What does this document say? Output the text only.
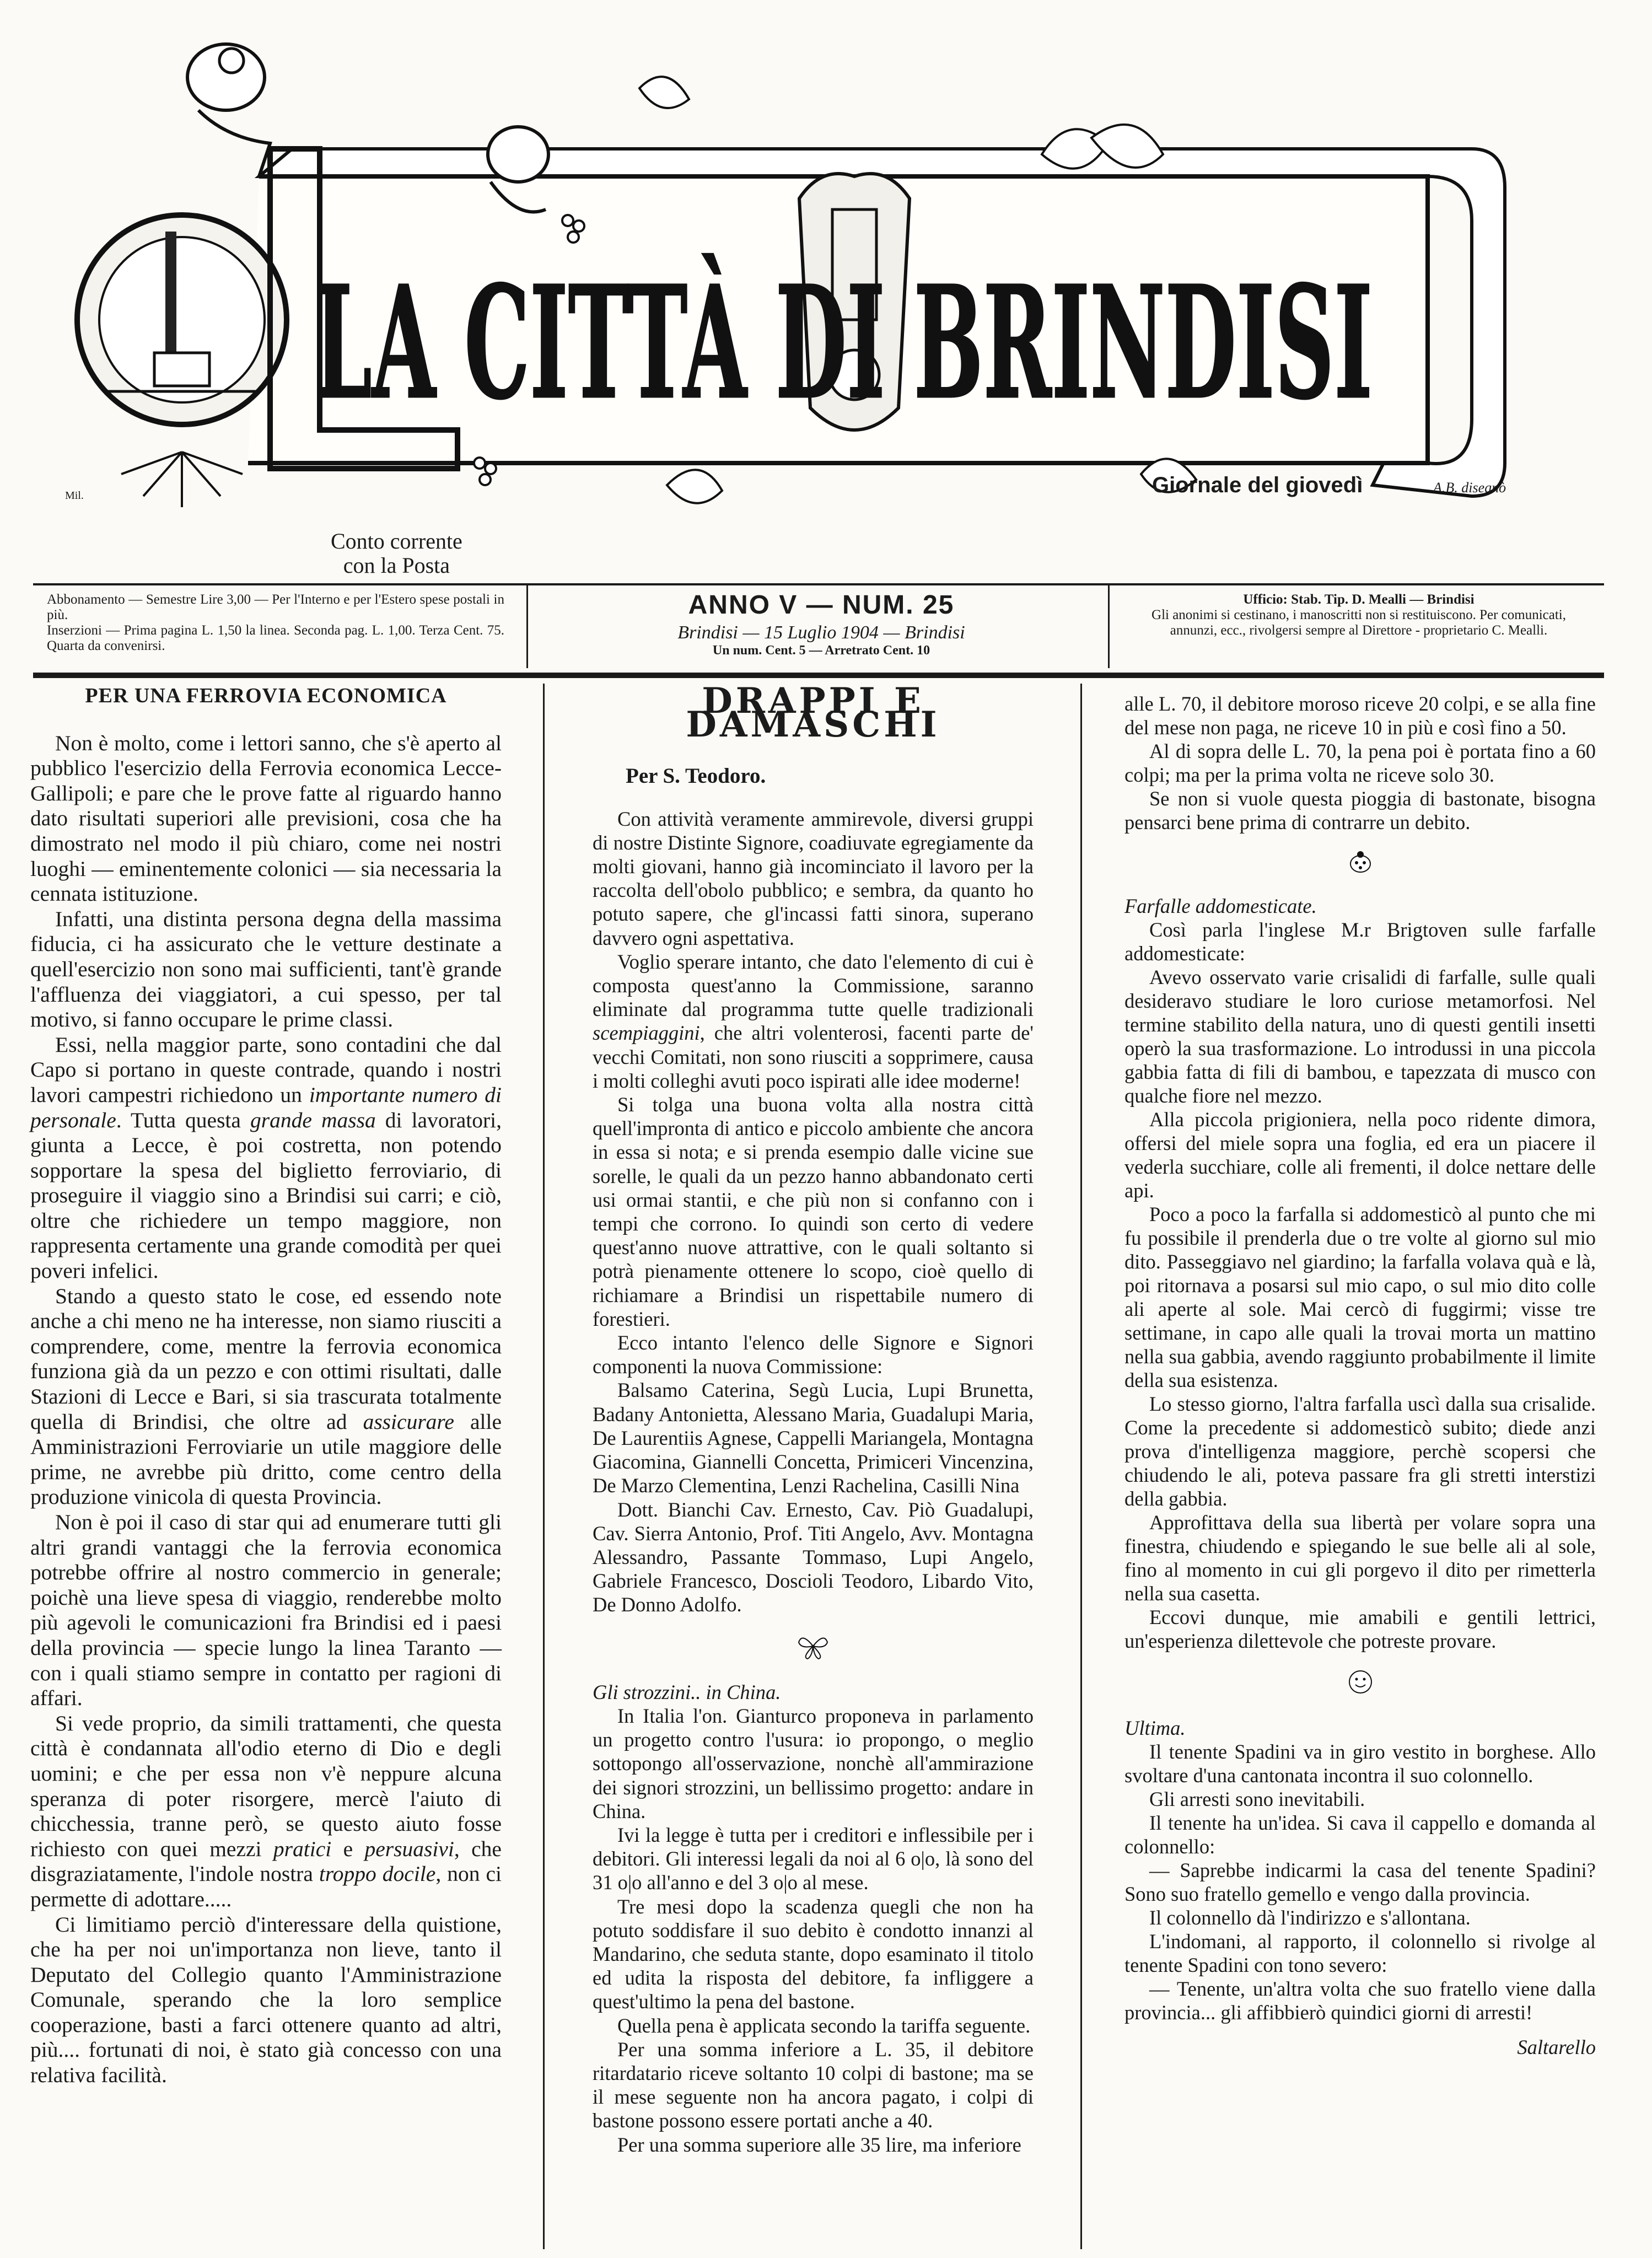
LA CITTÀ DI BRINDISI
Mil.	Giornale del giovedì	A.B. disegnò
Conto corrente
con la Posta
Abbonamento — Semestre Lire 3,00 — Per l'Interno e per l'Estero spese postali in più.
Inserzioni — Prima pagina L. 1,50 la linea. Seconda pag. L. 1,00. Terza Cent. 75. Quarta da convenirsi.
ANNO V — NUM. 25
Brindisi — 15 Luglio 1904 — Brindisi
Un num. Cent. 5 — Arretrato Cent. 10
Ufficio: Stab. Tip. D. Mealli — Brindisi
Gli anonimi si cestinano, i manoscritti non si restituiscono. Per comunicati, annunzi, ecc., rivolgersi sempre al Direttore - proprietario C. Mealli.
PER UNA FERROVIA ECONOMICA

Non è molto, come i lettori sanno, che s'è aperto al pubblico l'esercizio della Ferrovia economica Lecce-Gallipoli; e pare che le prove fatte al riguardo hanno dato risultati superiori alle previsioni, cosa che ha dimostrato nel modo il più chiaro, come nei nostri luoghi — eminentemente colonici — sia necessaria la cennata istituzione.

Infatti, una distinta persona degna della massima fiducia, ci ha assicurato che le vetture destinate a quell'esercizio non sono mai sufficienti, tant'è grande l'affluenza dei viaggiatori, a cui spesso, per tal motivo, si fanno occupare le prime classi.

Essi, nella maggior parte, sono contadini che dal Capo si portano in queste contrade, quando i nostri lavori campestri richiedono un importante numero di personale. Tutta questa grande massa di lavoratori, giunta a Lecce, è poi costretta, non potendo sopportare la spesa del biglietto ferroviario, di proseguire il viaggio sino a Brindisi sui carri; e ciò, oltre che richiedere un tempo maggiore, non rappresenta certamente una grande comodità per quei poveri infelici.

Stando a questo stato le cose, ed essendo note anche a chi meno ne ha interesse, non siamo riusciti a comprendere, come, mentre la ferrovia economica funziona già da un pezzo e con ottimi risultati, dalle Stazioni di Lecce e Bari, si sia trascurata totalmente quella di Brindisi, che oltre ad assicurare alle Amministrazioni Ferroviarie un utile maggiore delle prime, ne avrebbe più dritto, come centro della produzione vinicola di questa Provincia.

Non è poi il caso di star qui ad enumerare tutti gli altri grandi vantaggi che la ferrovia economica potrebbe offrire al nostro commercio in generale; poichè una lieve spesa di viaggio, renderebbe molto più agevoli le comunicazioni fra Brindisi ed i paesi della provincia — specie lungo la linea Taranto — con i quali stiamo sempre in contatto per ragioni di affari.

Si vede proprio, da simili trattamenti, che questa città è condannata all'odio eterno di Dio e degli uomini; e che per essa non v'è neppure alcuna speranza di poter risorgere, mercè l'aiuto di chicchessia, tranne però, se questo aiuto fosse richiesto con quei mezzi pratici e persuasivi, che disgraziatamente, l'indole nostra troppo docile, non ci permette di adottare.....

Ci limitiamo perciò d'interessare della quistione, che ha per noi un'importanza non lieve, tanto il Deputato del Collegio quanto l'Amministrazione Comunale, sperando che la loro semplice cooperazione, basti a farci ottenere quanto ad altri, più.... fortunati di noi, è stato già concesso con una relativa facilità.

DRAPPI E DAMASCHI
Per S. Teodoro.

Con attività veramente ammirevole, diversi gruppi di nostre Distinte Signore, coadiuvate egregiamente da molti giovani, hanno già incominciato il lavoro per la raccolta dell'obolo pubblico; e sembra, da quanto ho potuto sapere, che gl'incassi fatti sinora, superano davvero ogni aspettativa.

Voglio sperare intanto, che dato l'elemento di cui è composta quest'anno la Commissione, saranno eliminate dal programma tutte quelle tradizionali scempiaggini, che altri volenterosi, facenti parte de' vecchi Comitati, non sono riusciti a sopprimere, causa i molti colleghi avuti poco ispirati alle idee moderne!

Si tolga una buona volta alla nostra città quell'impronta di antico e piccolo ambiente che ancora in essa si nota; e si prenda esempio dalle vicine sue sorelle, le quali da un pezzo hanno abbandonato certi usi ormai stantii, e che più non si confanno con i tempi che corrono. Io quindi son certo di vedere quest'anno nuove attrattive, con le quali soltanto si potrà pienamente ottenere lo scopo, cioè quello di richiamare a Brindisi un rispettabile numero di forestieri.

Ecco intanto l'elenco delle Signore e Signori componenti la nuova Commissione:

Balsamo Caterina, Segù Lucia, Lupi Brunetta, Badany Antonietta, Alessano Maria, Guadalupi Maria, De Laurentiis Agnese, Cappelli Mariangela, Montagna Giacomina, Giannelli Concetta, Primiceri Vincenzina, De Marzo Clementina, Lenzi Rachelina, Casilli Nina

Dott. Bianchi Cav. Ernesto, Cav. Piò Guadalupi, Cav. Sierra Antonio, Prof. Titi Angelo, Avv. Montagna Alessandro, Passante Tommaso, Lupi Angelo, Gabriele Francesco, Doscioli Teodoro, Libardo Vito, De Donno Adolfo.

Gli strozzini.. in China.

In Italia l'on. Gianturco proponeva in parlamento un progetto contro l'usura: io propongo, o meglio sottopongo all'osservazione, nonchè all'ammirazione dei signori strozzini, un bellissimo progetto: andare in China.

Ivi la legge è tutta per i creditori e inflessibile per i debitori. Gli interessi legali da noi al 6 o|o, là sono del 31 o|o all'anno e del 3 o|o al mese.

Tre mesi dopo la scadenza quegli che non ha potuto soddisfare il suo debito è condotto innanzi al Mandarino, che seduta stante, dopo esaminato il titolo ed udita la risposta del debitore, fa infliggere a quest'ultimo la pena del bastone.

Quella pena è applicata secondo la tariffa seguente.

Per una somma inferiore a L. 35, il debitore ritardatario riceve soltanto 10 colpi di bastone; ma se il mese seguente non ha ancora pagato, i colpi di bastone possono essere portati anche a 40.

Per una somma superiore alle 35 lire, ma inferiore

alle L. 70, il debitore moroso riceve 20 colpi, e se alla fine del mese non paga, ne riceve 10 in più e così fino a 50.

Al di sopra delle L. 70, la pena poi è portata fino a 60 colpi; ma per la prima volta ne riceve solo 30.

Se non si vuole questa pioggia di bastonate, bisogna pensarci bene prima di contrarre un debito.

Farfalle addomesticate.

Così parla l'inglese M.r Brigtoven sulle farfalle addomesticate:

Avevo osservato varie crisalidi di farfalle, sulle quali desideravo studiare le loro curiose metamorfosi. Nel termine stabilito della natura, uno di questi gentili insetti operò la sua trasformazione. Lo introdussi in una piccola gabbia fatta di fili di bambou, e tapezzata di musco con qualche fiore nel mezzo.

Alla piccola prigioniera, nella poco ridente dimora, offersi del miele sopra una foglia, ed era un piacere il vederla succhiare, colle ali frementi, il dolce nettare delle api.

Poco a poco la farfalla si addomesticò al punto che mi fu possibile il prenderla due o tre volte al giorno sul mio dito. Passeggiavo nel giardino; la farfalla volava quà e là, poi ritornava a posarsi sul mio capo, o sul mio dito colle ali aperte al sole. Mai cercò di fuggirmi; visse tre settimane, in capo alle quali la trovai morta un mattino nella sua gabbia, avendo raggiunto probabilmente il limite della sua esistenza.

Lo stesso giorno, l'altra farfalla uscì dalla sua crisalide. Come la precedente si addomesticò subito; diede anzi prova d'intelligenza maggiore, perchè scopersi che chiudendo le ali, poteva passare fra gli stretti interstizi della gabbia.

Approfittava della sua libertà per volare sopra una finestra, chiudendo e spiegando le sue belle ali al sole, fino al momento in cui gli porgevo il dito per rimetterla nella sua casetta.

Eccovi dunque, mie amabili e gentili lettrici, un'esperienza dilettevole che potreste provare.

Ultima.

Il tenente Spadini va in giro vestito in borghese. Allo svoltare d'una cantonata incontra il suo colonnello.

Gli arresti sono inevitabili.

Il tenente ha un'idea. Si cava il cappello e domanda al colonnello:

— Saprebbe indicarmi la casa del tenente Spadini? Sono suo fratello gemello e vengo dalla provincia.

Il colonnello dà l'indirizzo e s'allontana.

L'indomani, al rapporto, il colonnello si rivolge al tenente Spadini con tono severo:

— Tenente, un'altra volta che suo fratello viene dalla provincia... gli affibbierò quindici giorni di arresti!

Saltarello
